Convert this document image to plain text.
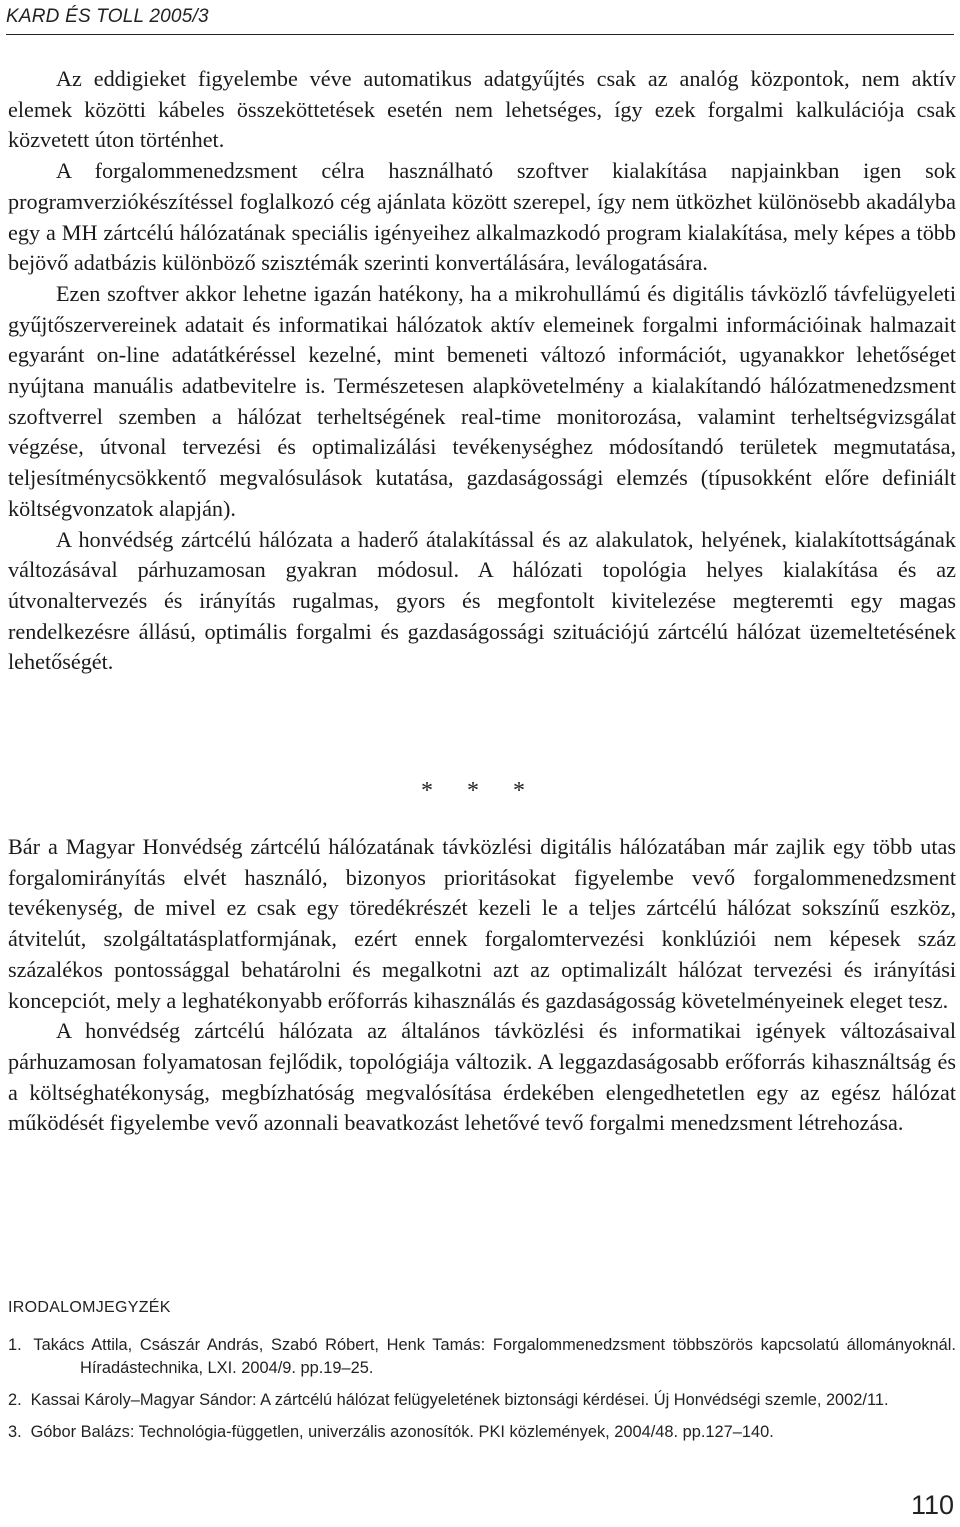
KARD ÉS TOLL 2005/3

Az eddigieket figyelembe véve automatikus adatgyűjtés csak az analóg központok, nem aktív elemek közötti kábeles összeköttetések esetén nem lehetséges, így ezek forgalmi kalkulációja csak közvetett úton történhet.

A forgalommenedzsment célra használható szoftver kialakítása napjainkban igen sok programverziókészítéssel foglalkozó cég ajánlata között szerepel, így nem ütközhet különösebb akadályba egy a MH zártcélú hálózatának speciális igényeihez alkalmazkodó program kialakítása, mely képes a több bejövő adatbázis különböző szisztémák szerinti konvertálására, leválogatására.

Ezen szoftver akkor lehetne igazán hatékony, ha a mikrohullámú és digitális távközlő távfelügyeleti gyűjtőszervereinek adatait és informatikai hálózatok aktív elemeinek forgalmi információinak halmazait egyaránt on-line adatátkéréssel kezelné, mint bemeneti változó információt, ugyanakkor lehetőséget nyújtana manuális adatbevitelre is. Természetesen alapkövetelmény a kialakítandó hálózatmenedzsment szoftverrel szemben a hálózat terheltségének real-time monitorozása, valamint terheltségvizsgálat végzése, útvonal tervezési és optimalizálási tevékenységhez módosítandó területek megmutatása, teljesítménycsökkentő megvalósulások kutatása, gazdaságossági elemzés (típusokként előre definiált költségvonzatok alapján).

A honvédség zártcélú hálózata a haderő átalakítással és az alakulatok, helyének, kialakítottságának változásával párhuzamosan gyakran módosul. A hálózati topológia helyes kialakítása és az útvonaltervezés és irányítás rugalmas, gyors és megfontolt kivitelezése megteremti egy magas rendelkezésre állású, optimális forgalmi és gazdaságossági szituációjú zártcélú hálózat üzemeltetésének lehetőségét.

* * *

Bár a Magyar Honvédség zártcélú hálózatának távközlési digitális hálózatában már zajlik egy több utas forgalomirányítás elvét használó, bizonyos prioritásokat figyelembe vevő forgalommenedzsment tevékenység, de mivel ez csak egy töredékrészét kezeli le a teljes zártcélú hálózat sokszínű eszköz, átvitelút, szolgáltatásplatformjának, ezért ennek forgalomtervezési konklúziói nem képesek száz százalékos pontossággal behatárolni és megalkotni azt az optimalizált hálózat tervezési és irányítási koncepciót, mely a leghatékonyabb erőforrás kihasználás és gazdaságosság követelményeinek eleget tesz.

A honvédség zártcélú hálózata az általános távközlési és informatikai igények változásaival párhuzamosan folyamatosan fejlődik, topológiája változik. A leggazdaságosabb erőforrás kihasználtság és a költséghatékonyság, megbízhatóság megvalósítása érdekében elengedhetetlen egy az egész hálózat működését figyelembe vevő azonnali beavatkozást lehetővé tevő forgalmi menedzsment létrehozása.

IRODALOMJEGYZÉK
1. Takács Attila, Császár András, Szabó Róbert, Henk Tamás: Forgalommenedzsment többszörös kapcsolatú állományoknál. Híradástechnika, LXI. 2004/9. pp.19–25.
2. Kassai Károly–Magyar Sándor: A zártcélú hálózat felügyeletének biztonsági kérdései. Új Honvédségi szemle, 2002/11.
3. Góbor Balázs: Technológia-független, univerzális azonosítók. PKI közlemények, 2004/48. pp.127–140.
110
